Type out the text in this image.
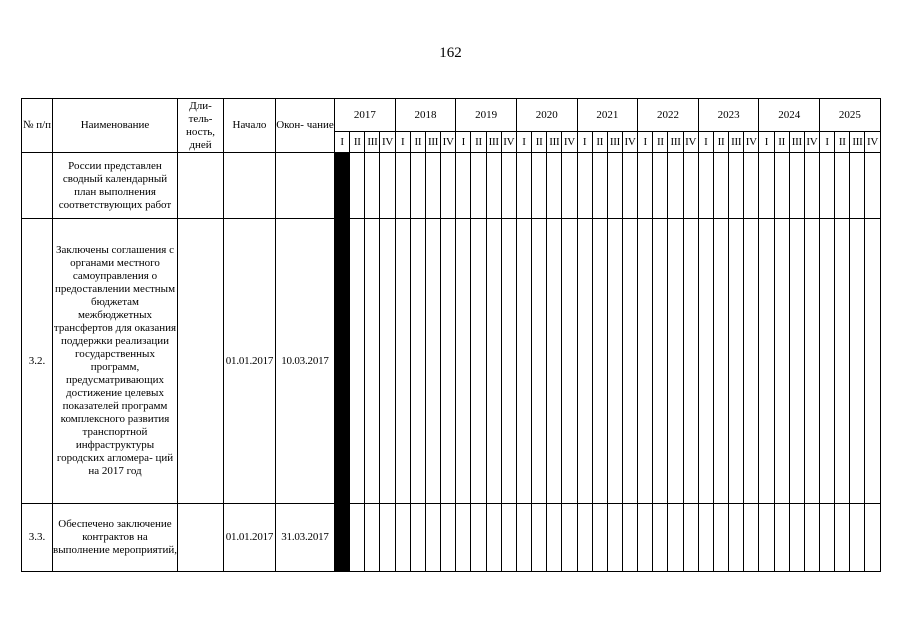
162
№ п/п	Наименование	Дли- тель- ность, дней	Начало	Окон- чание	2017				2018				2019				2020				2021				2022				2023				2024				2025			
					I	II	III	IV	I	II	III	IV	I	II	III	IV	I	II	III	IV	I	II	III	IV	I	II	III	IV	I	II	III	IV	I	II	III	IV	I	II	III	IV
	России представлен сводный календарный план выполнения соответствующих работ																																							
3.2.	Заключены соглашения с органами местного самоуправления о предоставлении местным бюджетам межбюджетных трансфертов для оказания поддержки реализации государственных программ, предусматривающих достижение целевых показателей программ комплексного развития транспортной инфраструктуры городских агломера- ций на 2017 год		01.01.2017	10.03.2017																																				
3.3.	Обеспечено заключение контрактов на выполнение мероприятий,		01.01.2017	31.03.2017																																				
